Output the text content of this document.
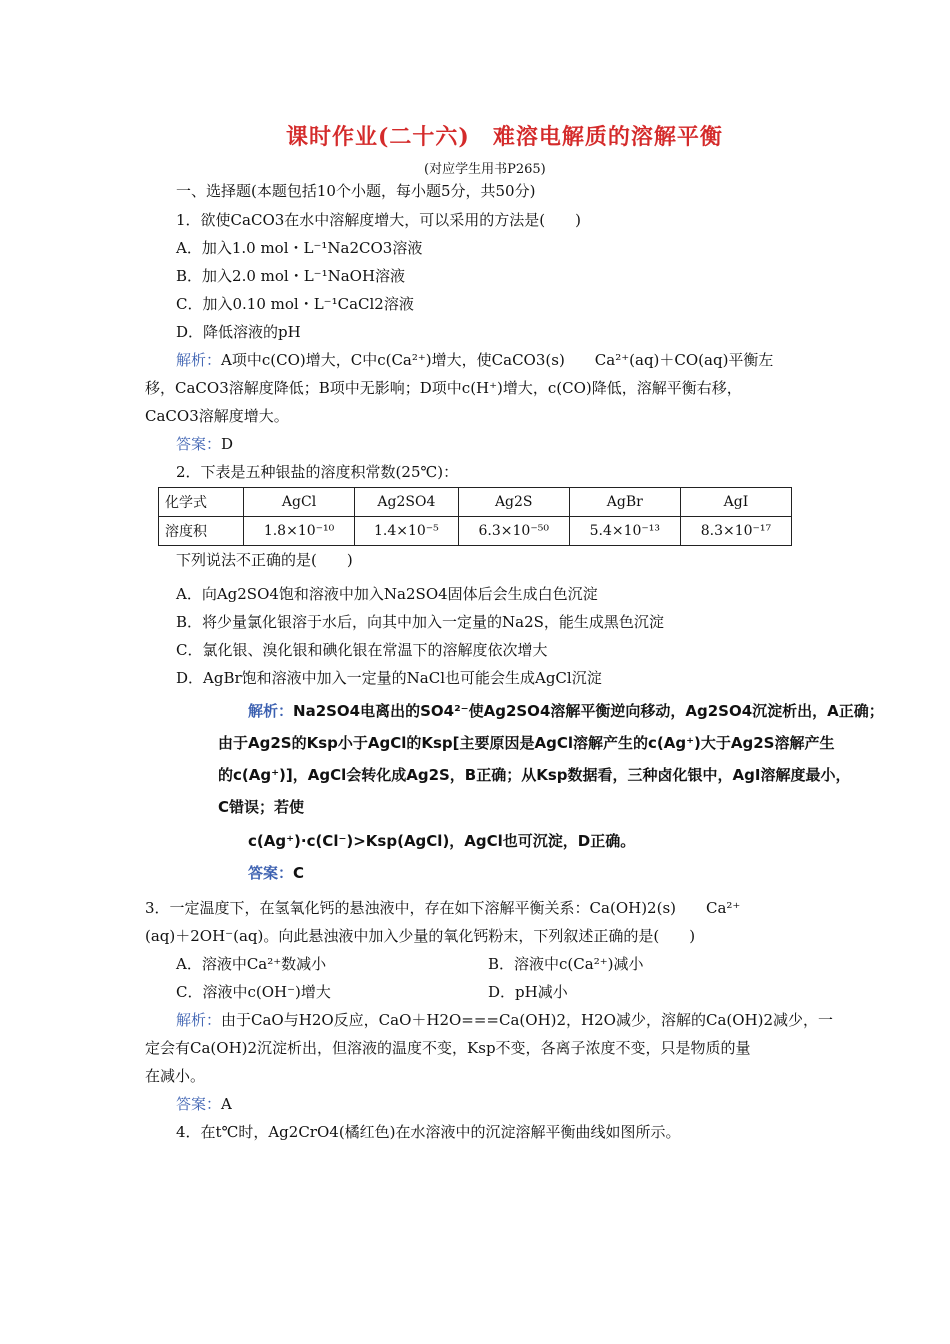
课时作业(二十六)　难溶电解质的溶解平衡
(对应学生用书P265)
一、选择题(本题包括10个小题，每小题5分，共50分)
1．欲使CaCO3在水中溶解度增大，可以采用的方法是(　　)
A．加入1.0 mol・L⁻¹Na2CO3溶液
B．加入2.0 mol・L⁻¹NaOH溶液
C．加入0.10 mol・L⁻¹CaCl2溶液
D．降低溶液的pH
解析：A项中c(CO)增大，C中c(Ca²⁺)增大，使CaCO3(s)　　Ca²⁺(aq)＋CO(aq)平衡左
移，CaCO3溶解度降低；B项中无影响；D项中c(H⁺)增大，c(CO)降低，溶解平衡右移，
CaCO3溶解度增大。
答案：D
2．下表是五种银盐的溶度积常数(25℃)：
化学式	AgCl	Ag2SO4	Ag2S	AgBr	AgI
溶度积	1.8×10⁻¹⁰	1.4×10⁻⁵	6.3×10⁻⁵⁰	5.4×10⁻¹³	8.3×10⁻¹⁷
下列说法不正确的是(　　)
A．向Ag2SO4饱和溶液中加入Na2SO4固体后会生成白色沉淀
B．将少量氯化银溶于水后，向其中加入一定量的Na2S，能生成黑色沉淀
C．氯化银、溴化银和碘化银在常温下的溶解度依次增大
D．AgBr饱和溶液中加入一定量的NaCl也可能会生成AgCl沉淀
解析：Na2SO4电离出的SO4²⁻使Ag2SO4溶解平衡逆向移动，Ag2SO4沉淀析出，A正确；
由于Ag2S的Ksp小于AgCl的Ksp[主要原因是AgCl溶解产生的c(Ag⁺)大于Ag2S溶解产生
的c(Ag⁺)]，AgCl会转化成Ag2S，B正确；从Ksp数据看，三种卤化银中，AgI溶解度最小，
C错误；若使
c(Ag⁺)·c(Cl⁻)>Ksp(AgCl)，AgCl也可沉淀，D正确。
答案：C
3．一定温度下，在氢氧化钙的悬浊液中，存在如下溶解平衡关系：Ca(OH)2(s)　　Ca²⁺
(aq)＋2OH⁻(aq)。向此悬浊液中加入少量的氧化钙粉末，下列叙述正确的是(　　)
A．溶液中Ca²⁺数减小	B．溶液中c(Ca²⁺)减小
C．溶液中c(OH⁻)增大	D．pH减小
解析：由于CaO与H2O反应，CaO＋H2O===Ca(OH)2，H2O减少，溶解的Ca(OH)2减少，一
定会有Ca(OH)2沉淀析出，但溶液的温度不变，Ksp不变，各离子浓度不变，只是物质的量
在减小。
答案：A
4．在t℃时，Ag2CrO4(橘红色)在水溶液中的沉淀溶解平衡曲线如图所示。
